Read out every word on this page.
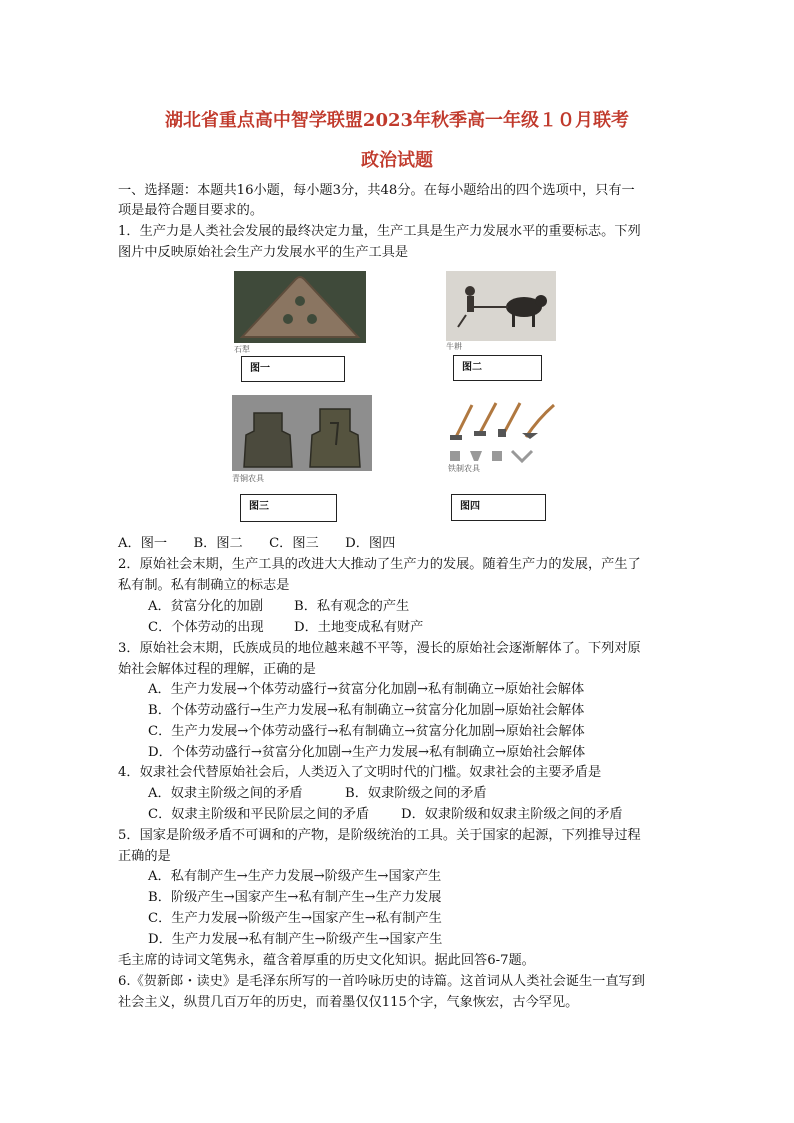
湖北省重点高中智学联盟2023年秋季高一年级１０月联考
政治试题
一、选择题：本题共16小题，每小题3分，共48分。在每小题给出的四个选项中，只有一
项是最符合题目要求的。
1．生产力是人类社会发展的最终决定力量，生产工具是生产力发展水平的重要标志。下列
图片中反映原始社会生产力发展水平的生产工具是
石犁
图一
牛耕
图二
青铜农具
图三
铁制农具
图四
A．图一　　B．图二　　C．图三　　D．图四
2．原始社会末期，生产工具的改进大大推动了生产力的发展。随着生产力的发展，产生了
私有制。私有制确立的标志是
A．贫富分化的加剧 B．私有观念的产生
C．个体劳动的出现 D．土地变成私有财产
3．原始社会末期，氏族成员的地位越来越不平等，漫长的原始社会逐渐解体了。下列对原
始社会解体过程的理解，正确的是
A．生产力发展→个体劳动盛行→贫富分化加剧→私有制确立→原始社会解体
B．个体劳动盛行→生产力发展→私有制确立→贫富分化加剧→原始社会解体
C．生产力发展→个体劳动盛行→私有制确立→贫富分化加剧→原始社会解体
D．个体劳动盛行→贫富分化加剧→生产力发展→私有制确立→原始社会解体
4．奴隶社会代替原始社会后，人类迈入了文明时代的门槛。奴隶社会的主要矛盾是
A．奴隶主阶级之间的矛盾	B．奴隶阶级之间的矛盾
C．奴隶主阶级和平民阶层之间的矛盾 D．奴隶阶级和奴隶主阶级之间的矛盾
5．国家是阶级矛盾不可调和的产物，是阶级统治的工具。关于国家的起源，下列推导过程
正确的是
A．私有制产生→生产力发展→阶级产生→国家产生
B．阶级产生→国家产生→私有制产生→生产力发展
C．生产力发展→阶级产生→国家产生→私有制产生
D．生产力发展→私有制产生→阶级产生→国家产生
毛主席的诗词文笔隽永，蕴含着厚重的历史文化知识。据此回答6-7题。
6.《贺新郎・读史》是毛泽东所写的一首吟咏历史的诗篇。这首词从人类社会诞生一直写到
社会主义，纵贯几百万年的历史，而着墨仅仅115个字，气象恢宏，古今罕见。
